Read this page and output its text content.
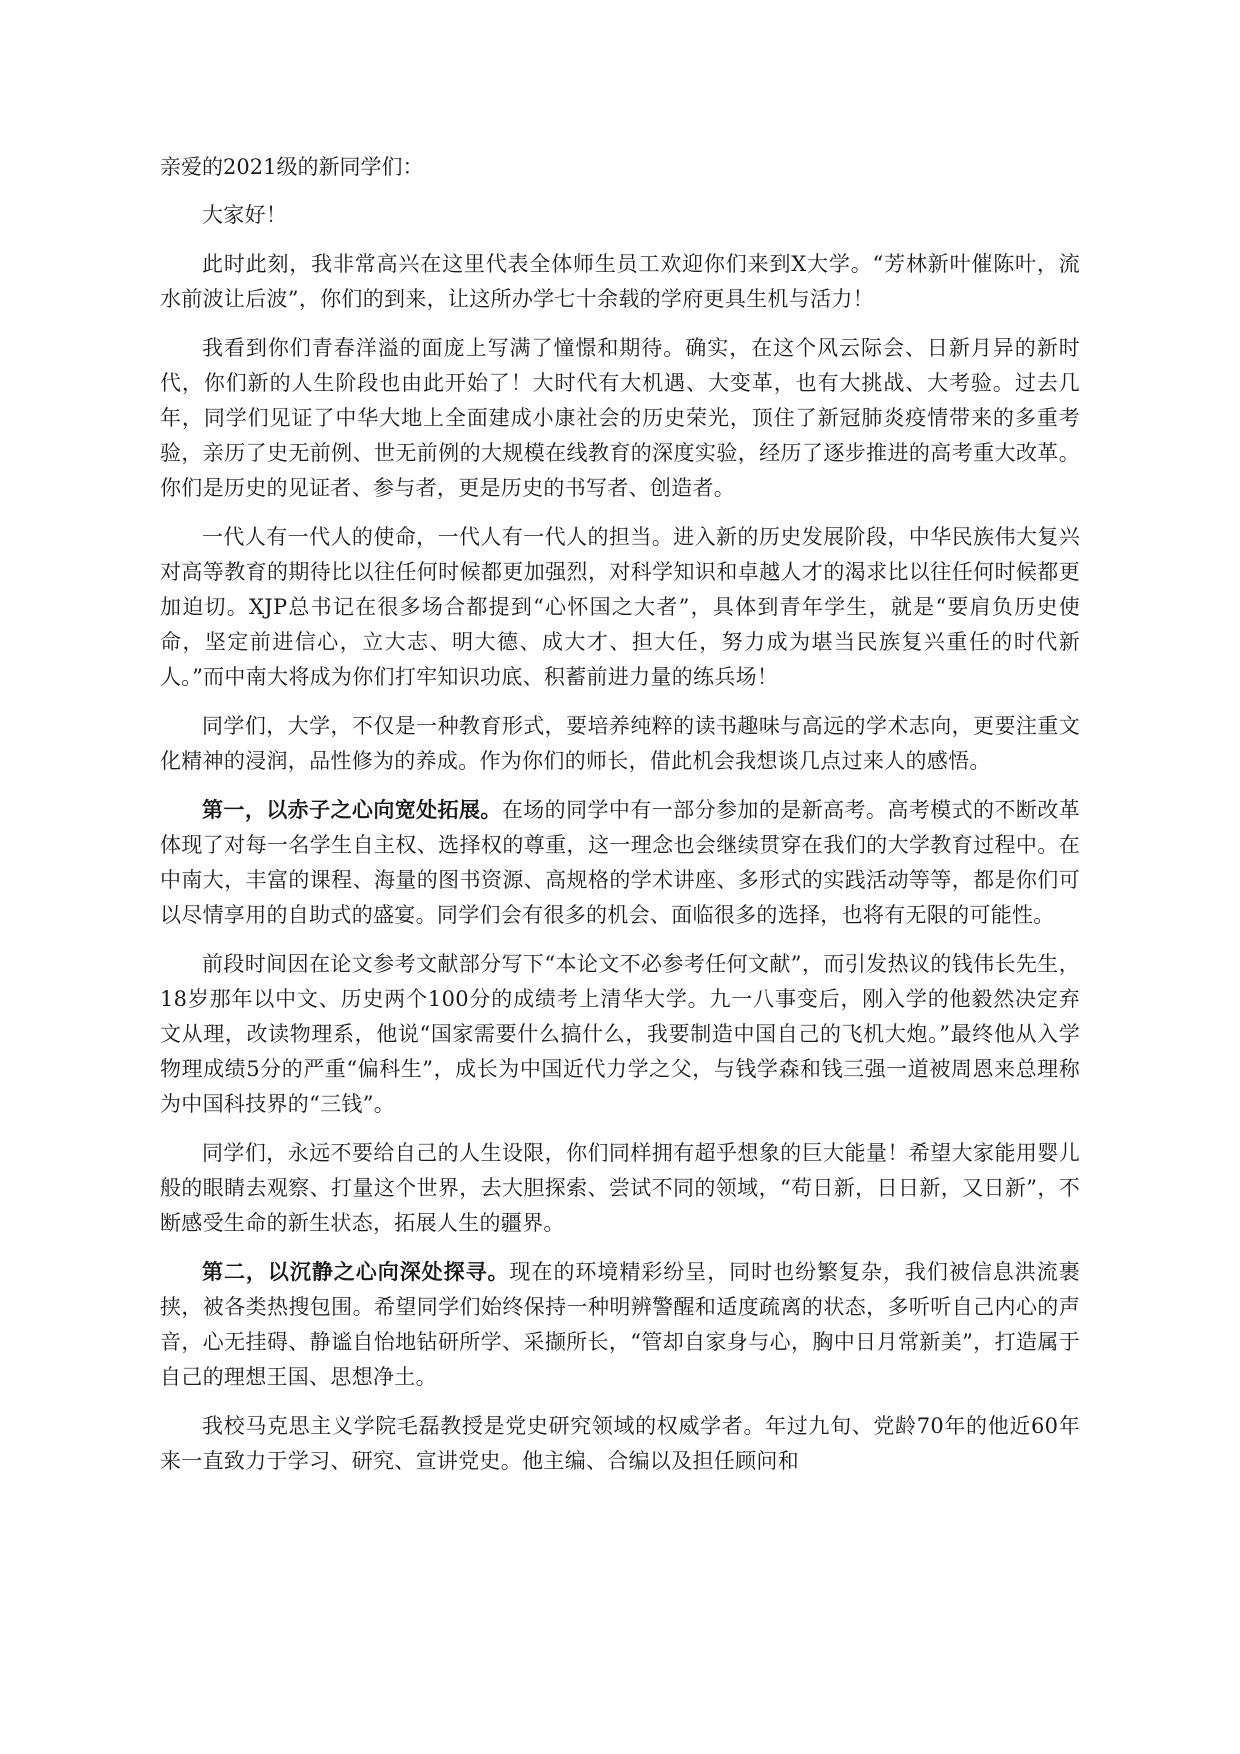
亲爱的2021级的新同学们：

大家好！

此时此刻，我非常高兴在这里代表全体师生员工欢迎你们来到X大学。“芳林新叶催陈叶，流水前波让后波”，你们的到来，让这所办学七十余载的学府更具生机与活力！

我看到你们青春洋溢的面庞上写满了憧憬和期待。确实，在这个风云际会、日新月异的新时代，你们新的人生阶段也由此开始了！大时代有大机遇、大变革，也有大挑战、大考验。过去几年，同学们见证了中华大地上全面建成小康社会的历史荣光，顶住了新冠肺炎疫情带来的多重考验，亲历了史无前例、世无前例的大规模在线教育的深度实验，经历了逐步推进的高考重大改革。你们是历史的见证者、参与者，更是历史的书写者、创造者。

一代人有一代人的使命，一代人有一代人的担当。进入新的历史发展阶段，中华民族伟大复兴对高等教育的期待比以往任何时候都更加强烈，对科学知识和卓越人才的渴求比以往任何时候都更加迫切。XJP总书记在很多场合都提到“心怀国之大者”，具体到青年学生，就是“要肩负历史使命，坚定前进信心，立大志、明大德、成大才、担大任，努力成为堪当民族复兴重任的时代新人。”而中南大将成为你们打牢知识功底、积蓄前进力量的练兵场！

同学们，大学，不仅是一种教育形式，要培养纯粹的读书趣味与高远的学术志向，更要注重文化精神的浸润，品性修为的养成。作为你们的师长，借此机会我想谈几点过来人的感悟。

第一，以赤子之心向宽处拓展。在场的同学中有一部分参加的是新高考。高考模式的不断改革体现了对每一名学生自主权、选择权的尊重，这一理念也会继续贯穿在我们的大学教育过程中。在中南大，丰富的课程、海量的图书资源、高规格的学术讲座、多形式的实践活动等等，都是你们可以尽情享用的自助式的盛宴。同学们会有很多的机会、面临很多的选择，也将有无限的可能性。

前段时间因在论文参考文献部分写下“本论文不必参考任何文献”，而引发热议的钱伟长先生，18岁那年以中文、历史两个100分的成绩考上清华大学。九一八事变后，刚入学的他毅然决定弃文从理，改读物理系，他说“国家需要什么搞什么，我要制造中国自己的飞机大炮。”最终他从入学物理成绩5分的严重“偏科生”，成长为中国近代力学之父，与钱学森和钱三强一道被周恩来总理称为中国科技界的“三钱”。

同学们，永远不要给自己的人生设限，你们同样拥有超乎想象的巨大能量！希望大家能用婴儿般的眼睛去观察、打量这个世界，去大胆探索、尝试不同的领域，“苟日新，日日新，又日新”，不断感受生命的新生状态，拓展人生的疆界。

第二，以沉静之心向深处探寻。现在的环境精彩纷呈，同时也纷繁复杂，我们被信息洪流裹挟，被各类热搜包围。希望同学们始终保持一种明辨警醒和适度疏离的状态，多听听自己内心的声音，心无挂碍、静谧自怡地钻研所学、采撷所长，“管却自家身与心，胸中日月常新美”，打造属于自己的理想王国、思想净土。

我校马克思主义学院毛磊教授是党史研究领域的权威学者。年过九旬、党龄70年的他近60年来一直致力于学习、研究、宣讲党史。他主编、合编以及担任顾问和
